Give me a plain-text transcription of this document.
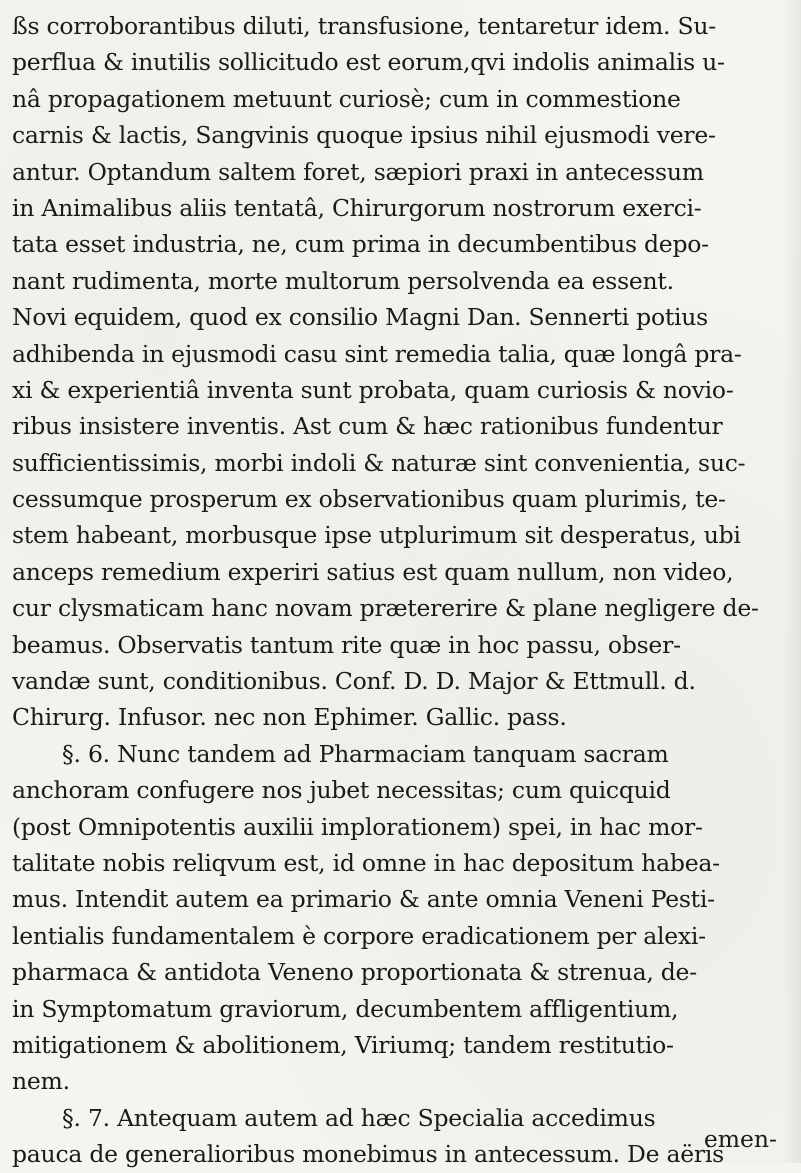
ßs corroborantibus diluti, transfusione, tentaretur idem. Su-
perflua & inutilis sollicitudo est eorum,qvi indolis animalis u-
nâ propagationem metuunt curiosè; cum in commestione
carnis & lactis, Sangvinis quoque ipsius nihil ejusmodi vere-
antur. Optandum saltem foret, sæpiori praxi in antecessum
in Animalibus aliis tentatâ, Chirurgorum nostrorum exerci-
tata esset industria, ne, cum prima in decumbentibus depo-
nant rudimenta, morte multorum persolvenda ea essent.
Novi equidem, quod ex consilio Magni Dan. Sennerti potius
adhibenda in ejusmodi casu sint remedia talia, quæ longâ pra-
xi & experientiâ inventa sunt probata, quam curiosis & novio-
ribus insistere inventis. Ast cum & hæc rationibus fundentur
sufficientissimis, morbi indoli & naturæ sint convenientia, suc-
cessumque prosperum ex observationibus quam plurimis, te-
stem habeant, morbusque ipse utplurimum sit desperatus, ubi
anceps remedium experiri satius est quam nullum, non video,
cur clysmaticam hanc novam prætererire & plane negligere de-
beamus. Observatis tantum rite quæ in hoc passu, obser-
vandæ sunt, conditionibus. Conf. D. D. Major & Ettmull. d.
Chirurg. Infusor. nec non Ephimer. Gallic. pass.
§. 6. Nunc tandem ad Pharmaciam tanquam sacram
anchoram confugere nos jubet necessitas; cum quicquid
(post Omnipotentis auxilii implorationem) spei, in hac mor-
talitate nobis reliqvum est, id omne in hac depositum habea-
mus. Intendit autem ea primario & ante omnia Veneni Pesti-
lentialis fundamentalem è corpore eradicationem per alexi-
pharmaca & antidota Veneno proportionata & strenua, de-
in Symptomatum graviorum, decumbentem affligentium,
mitigationem & abolitionem, Viriumq; tandem restitutio-
nem.
§. 7. Antequam autem ad hæc Specialia accedimus
pauca de generalioribus monebimus in antecessum. De aëris
emen-
